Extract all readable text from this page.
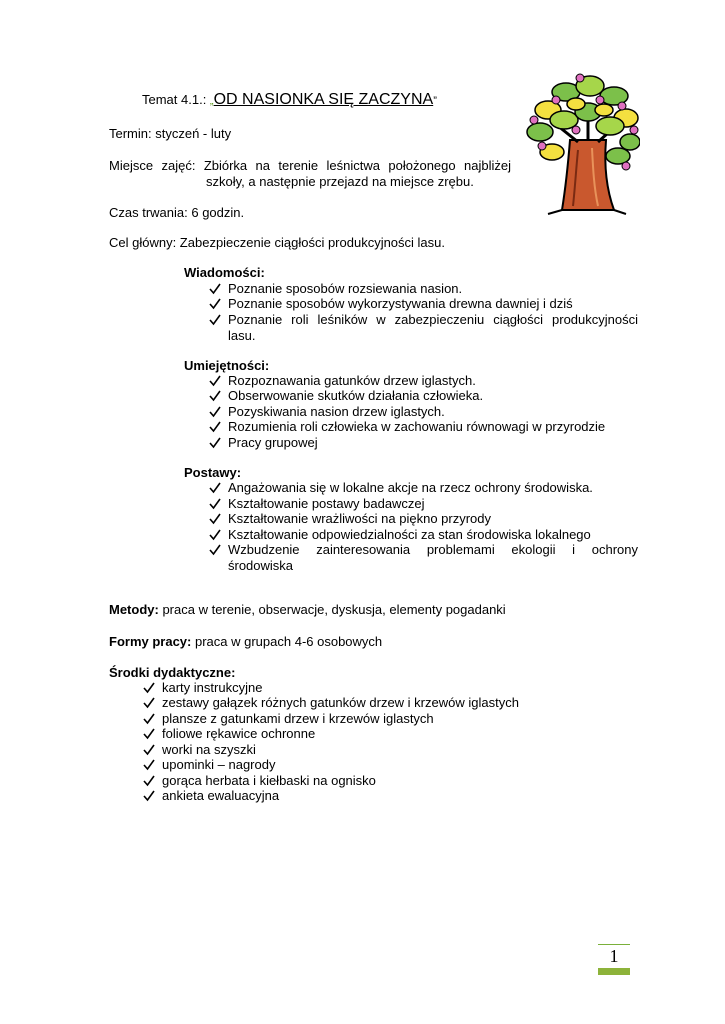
Temat 4.1.: „OD NASIONKA SIĘ ZACZYNA”
Termin: styczeń - luty
Miejsce zajęć: Zbiórka na terenie leśnictwa położonego najbliżej
szkoły, a następnie przejazd na miejsce zrębu.
Czas trwania: 6 godzin.
Cel główny: Zabezpieczenie ciągłości produkcyjności lasu.
Wiadomości:
Poznanie sposobów rozsiewania nasion.
Poznanie sposobów wykorzystywania drewna dawniej i dziś
Poznanie roli leśników w zabezpieczeniu ciągłości produkcyjności
lasu.
Umiejętności:
Rozpoznawania gatunków drzew iglastych.
Obserwowanie skutków działania człowieka.
Pozyskiwania nasion drzew iglastych.
Rozumienia roli człowieka w zachowaniu równowagi w przyrodzie
Pracy grupowej
Postawy:
Angażowania się w lokalne akcje na rzecz ochrony środowiska.
Kształtowanie postawy badawczej
Kształtowanie wrażliwości na piękno przyrody
Kształtowanie odpowiedzialności za stan środowiska lokalnego
Wzbudzenie zainteresowania problemami ekologii i ochrony
środowiska
Metody: praca w terenie, obserwacje, dyskusja, elementy pogadanki
Formy pracy: praca w grupach 4-6 osobowych
Środki dydaktyczne:
karty instrukcyjne
zestawy gałązek różnych gatunków drzew i krzewów iglastych
plansze z gatunkami drzew i krzewów iglastych
foliowe rękawice ochronne
worki na szyszki
upominki – nagrody
gorąca herbata i kiełbaski na ognisko
ankieta ewaluacyjna
1
